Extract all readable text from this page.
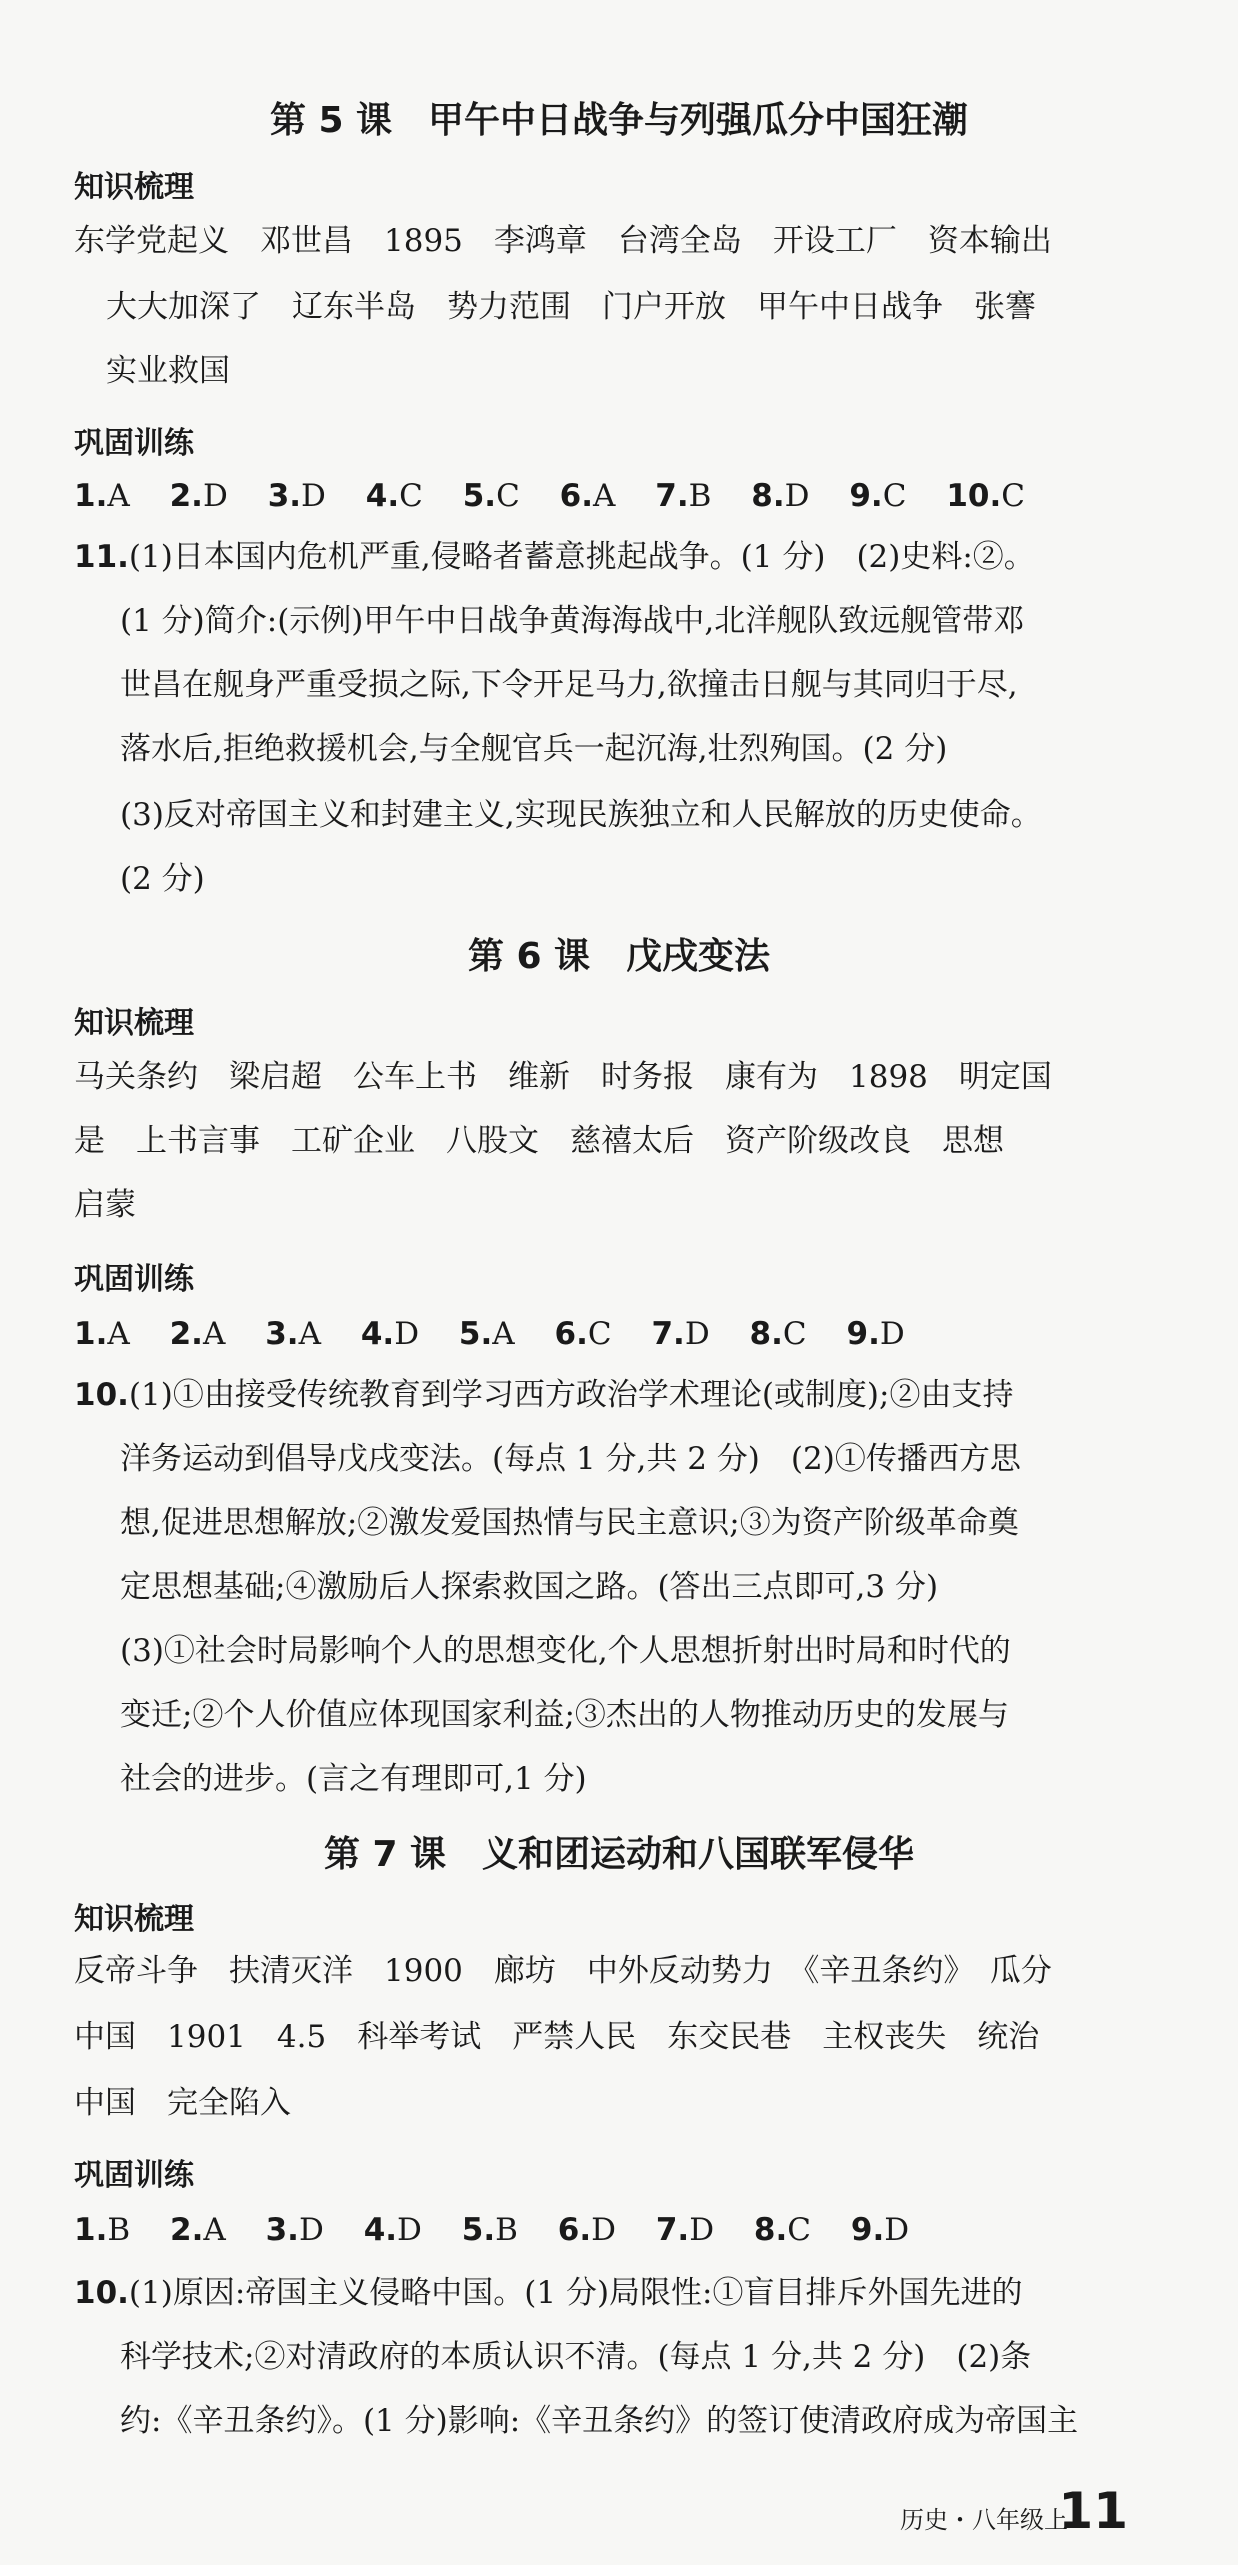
第 5 课　甲午中日战争与列强瓜分中国狂潮
知识梳理
东学党起义　邓世昌　1895　李鸿章　台湾全岛　开设工厂　资本输出
大大加深了　辽东半岛　势力范围　门户开放　甲午中日战争　张謇
实业救国
巩固训练
1.A 2.D 3.D 4.C 5.C 6.A 7.B 8.D 9.C 10.C
11.(1)日本国内危机严重,侵略者蓄意挑起战争。(1 分)　(2)史料:②。
(1 分)简介:(示例)甲午中日战争黄海海战中,北洋舰队致远舰管带邓
世昌在舰身严重受损之际,下令开足马力,欲撞击日舰与其同归于尽,
落水后,拒绝救援机会,与全舰官兵一起沉海,壮烈殉国。(2 分)
(3)反对帝国主义和封建主义,实现民族独立和人民解放的历史使命。
(2 分)
第 6 课　戊戌变法
知识梳理
马关条约　梁启超　公车上书　维新　时务报　康有为　1898　明定国
是　上书言事　工矿企业　八股文　慈禧太后　资产阶级改良　思想
启蒙
巩固训练
1.A 2.A 3.A 4.D 5.A 6.C 7.D 8.C 9.D
10.(1)①由接受传统教育到学习西方政治学术理论(或制度);②由支持
洋务运动到倡导戊戌变法。(每点 1 分,共 2 分)　(2)①传播西方思
想,促进思想解放;②激发爱国热情与民主意识;③为资产阶级革命奠
定思想基础;④激励后人探索救国之路。(答出三点即可,3 分)
(3)①社会时局影响个人的思想变化,个人思想折射出时局和时代的
变迁;②个人价值应体现国家利益;③杰出的人物推动历史的发展与
社会的进步。(言之有理即可,1 分)
第 7 课　义和团运动和八国联军侵华
知识梳理
反帝斗争　扶清灭洋　1900　廊坊　中外反动势力　《辛丑条约》　瓜分
中国　1901　4.5　科举考试　严禁人民　东交民巷　主权丧失　统治
中国　完全陷入
巩固训练
1.B 2.A 3.D 4.D 5.B 6.D 7.D 8.C 9.D
10.(1)原因:帝国主义侵略中国。(1 分)局限性:①盲目排斥外国先进的
科学技术;②对清政府的本质认识不清。(每点 1 分,共 2 分)　(2)条
约:《辛丑条约》。(1 分)影响:《辛丑条约》的签订使清政府成为帝国主
历史・八年级上
11
